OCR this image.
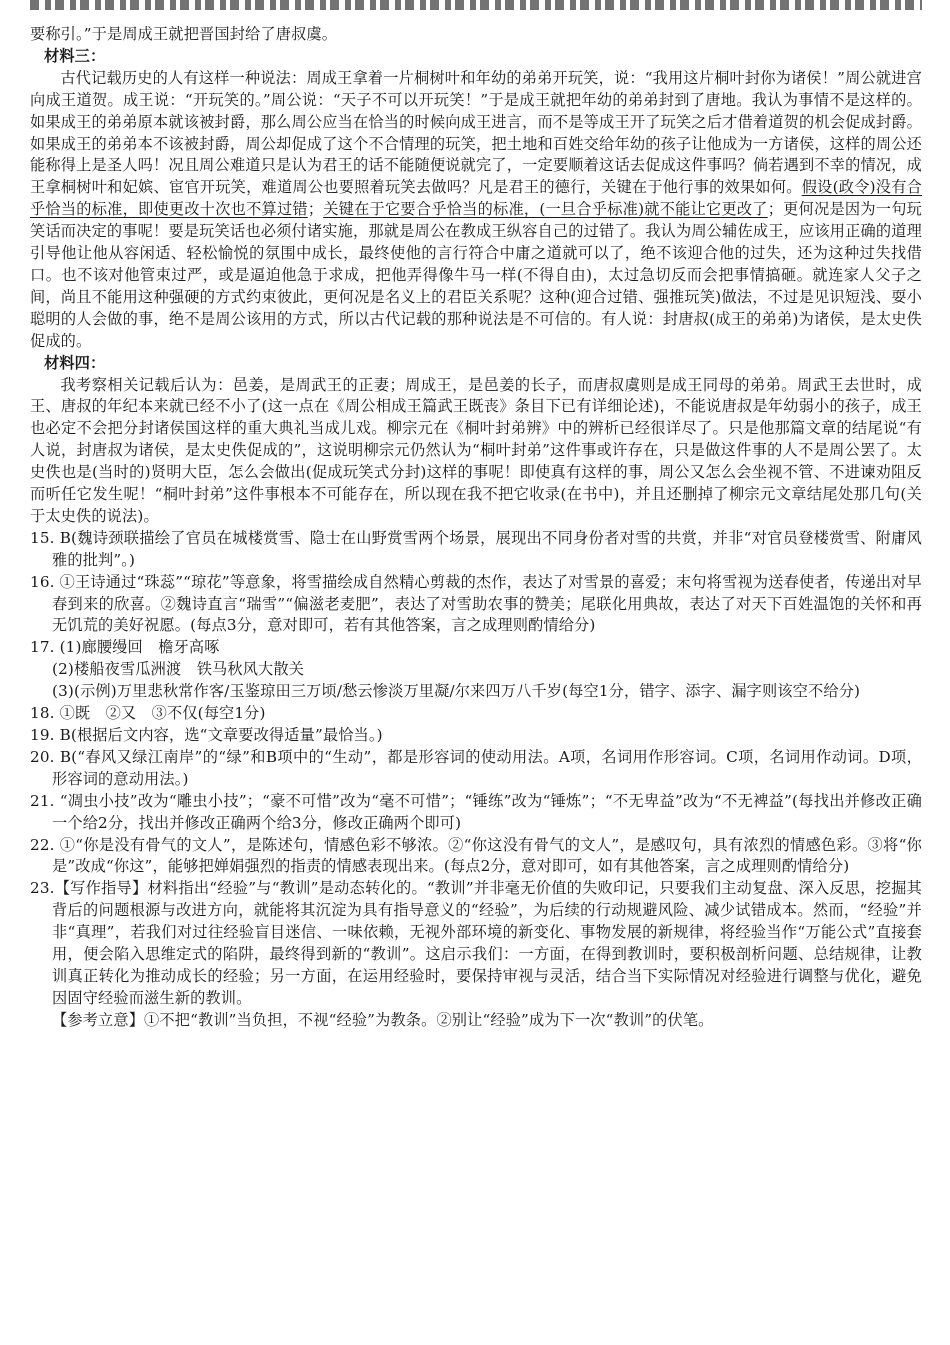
要称引。”于是周成王就把晋国封给了唐叔虞。

材料三：

古代记载历史的人有这样一种说法：周成王拿着一片桐树叶和年幼的弟弟开玩笑，说：“我用这片桐叶封你为诸侯！”周公就进宫向成王道贺。成王说：“开玩笑的。”周公说：“天子不可以开玩笑！”于是成王就把年幼的弟弟封到了唐地。我认为事情不是这样的。如果成王的弟弟原本就该被封爵，那么周公应当在恰当的时候向成王进言，而不是等成王开了玩笑之后才借着道贺的机会促成封爵。如果成王的弟弟本不该被封爵，周公却促成了这个不合情理的玩笑，把土地和百姓交给年幼的孩子让他成为一方诸侯，这样的周公还能称得上是圣人吗！况且周公难道只是认为君王的话不能随便说就完了，一定要顺着这话去促成这件事吗？倘若遇到不幸的情况，成王拿桐树叶和妃嫔、宦官开玩笑，难道周公也要照着玩笑去做吗？凡是君王的德行，关键在于他行事的效果如何。假设(政令)没有合乎恰当的标准，即使更改十次也不算过错；关键在于它要合乎恰当的标准，(一旦合乎标准)就不能让它更改了；更何况是因为一句玩笑话而决定的事呢！要是玩笑话也必须付诸实施，那就是周公在教成王纵容自己的过错了。我认为周公辅佐成王，应该用正确的道理引导他让他从容闲适、轻松愉悦的氛围中成长，最终使他的言行符合中庸之道就可以了，绝不该迎合他的过失，还为这种过失找借口。也不该对他管束过严，或是逼迫他急于求成，把他弄得像牛马一样(不得自由)，太过急切反而会把事情搞砸。就连家人父子之间，尚且不能用这种强硬的方式约束彼此，更何况是名义上的君臣关系呢？这种(迎合过错、强推玩笑)做法，不过是见识短浅、耍小聪明的人会做的事，绝不是周公该用的方式，所以古代记载的那种说法是不可信的。有人说：封唐叔(成王的弟弟)为诸侯，是太史佚促成的。

材料四：

我考察相关记载后认为：邑姜，是周武王的正妻；周成王，是邑姜的长子，而唐叔虞则是成王同母的弟弟。周武王去世时，成王、唐叔的年纪本来就已经不小了(这一点在《周公相成王篇武王既丧》条目下已有详细论述)，不能说唐叔是年幼弱小的孩子，成王也必定不会把分封诸侯国这样的重大典礼当成儿戏。柳宗元在《桐叶封弟辨》中的辨析已经很详尽了。只是他那篇文章的结尾说“有人说，封唐叔为诸侯，是太史佚促成的”，这说明柳宗元仍然认为“桐叶封弟”这件事或许存在，只是做这件事的人不是周公罢了。太史佚也是(当时的)贤明大臣，怎么会做出(促成玩笑式分封)这样的事呢！即使真有这样的事，周公又怎么会坐视不管、不进谏劝阻反而听任它发生呢！“桐叶封弟”这件事根本不可能存在，所以现在我不把它收录(在书中)，并且还删掉了柳宗元文章结尾处那几句(关于太史佚的说法)。

15. B(魏诗颈联描绘了官员在城楼赏雪、隐士在山野赏雪两个场景，展现出不同身份者对雪的共赏，并非“对官员登楼赏雪、附庸风雅的批判”。)

16. ①王诗通过“珠蕊”“琼花”等意象，将雪描绘成自然精心剪裁的杰作，表达了对雪景的喜爱；末句将雪视为送春使者，传递出对早春到来的欣喜。②魏诗直言“瑞雪”“偏滋老麦肥”，表达了对雪助农事的赞美；尾联化用典故，表达了对天下百姓温饱的关怀和再无饥荒的美好祝愿。(每点3分，意对即可，若有其他答案，言之成理则酌情给分)

17. (1)廊腰缦回　檐牙高啄

(2)楼船夜雪瓜洲渡　铁马秋风大散关

(3)(示例)万里悲秋常作客/玉鉴琼田三万顷/愁云惨淡万里凝/尔来四万八千岁(每空1分，错字、添字、漏字则该空不给分)

18. ①既　②又　③不仅(每空1分)

19. B(根据后文内容，选“文章要改得适量”最恰当。)

20. B(“春风又绿江南岸”的“绿”和B项中的“生动”，都是形容词的使动用法。A项，名词用作形容词。C项，名词用作动词。D项，形容词的意动用法。)

21. “凋虫小技”改为“雕虫小技”；“豪不可惜”改为“毫不可惜”；“锤练”改为“锤炼”；“不无卑益”改为“不无裨益”(每找出并修改正确一个给2分，找出并修改正确两个给3分，修改正确两个即可)

22. ①“你是没有骨气的文人”，是陈述句，情感色彩不够浓。②“你这没有骨气的文人”，是感叹句，具有浓烈的情感色彩。③将“你是”改成“你这”，能够把婵娟强烈的指责的情感表现出来。(每点2分，意对即可，如有其他答案，言之成理则酌情给分)

23.【写作指导】材料指出“经验”与“教训”是动态转化的。“教训”并非毫无价值的失败印记，只要我们主动复盘、深入反思，挖掘其背后的问题根源与改进方向，就能将其沉淀为具有指导意义的“经验”，为后续的行动规避风险、减少试错成本。然而，“经验”并非“真理”，若我们对过往经验盲目迷信、一味依赖，无视外部环境的新变化、事物发展的新规律，将经验当作“万能公式”直接套用，便会陷入思维定式的陷阱，最终得到新的“教训”。这启示我们：一方面，在得到教训时，要积极剖析问题、总结规律，让教训真正转化为推动成长的经验；另一方面，在运用经验时，要保持审视与灵活，结合当下实际情况对经验进行调整与优化，避免因固守经验而滋生新的教训。

【参考立意】①不把“教训”当负担，不视“经验”为教条。②别让“经验”成为下一次“教训”的伏笔。
